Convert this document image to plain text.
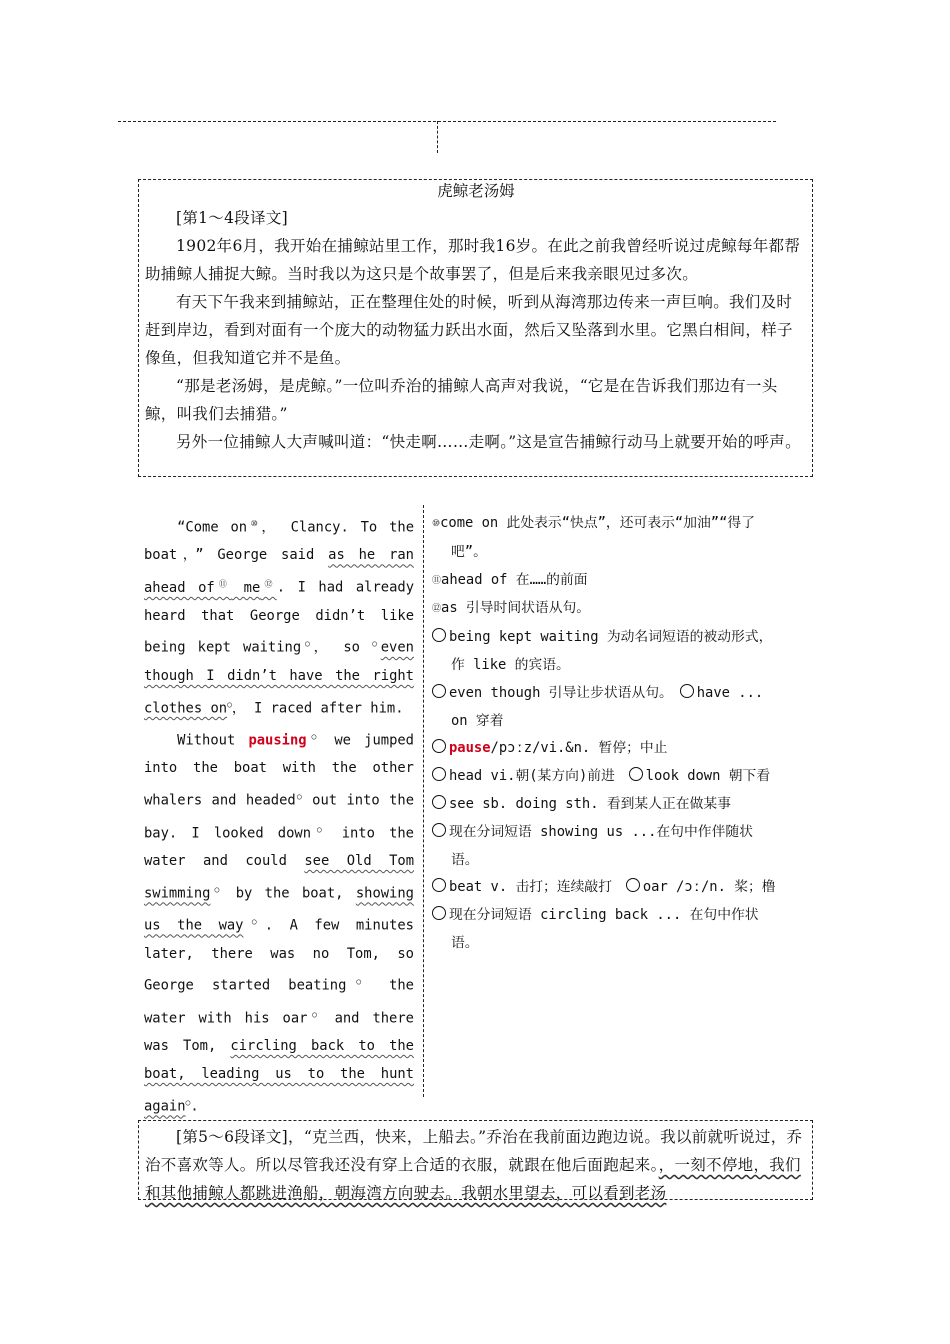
虎鲸老汤姆

[第1～4段译文]

1902年6月，我开始在捕鲸站里工作，那时我16岁。在此之前我曾经听说过虎鲸每年都帮助捕鲸人捕捉大鲸。当时我以为这只是个故事罢了，但是后来我亲眼见过多次。

有天下午我来到捕鲸站，正在整理住处的时候，听到从海湾那边传来一声巨响。我们及时赶到岸边，看到对面有一个庞大的动物猛力跃出水面，然后又坠落到水里。它黑白相间，样子像鱼，但我知道它并不是鱼。

“那是老汤姆，是虎鲸。”一位叫乔治的捕鲸人高声对我说，“它是在告诉我们那边有一头鲸，叫我们去捕猎。”

另外一位捕鲸人大声喊叫道：“快走啊……走啊。”这是宣告捕鲸行动马上就要开始的呼声。

“Come on⑩， Clancy. To the boat，” George said as he ran ahead of⑪ me⑫. I had already heard that George didn’t like being kept waiting○， so ○even though I didn’t have the right clothes on○， I raced after him.

Without pausing○ we jumped into the boat with the other whalers and headed○ out into the bay. I looked down○ into the water and could see Old Tom swimming○ by the boat, showing us the way○. A few minutes later, there was no Tom, so George started beating○ the water with his oar○ and there was Tom, circling back to the boat, leading us to the hunt again○.

⑩come on 此处表示“快点”，还可表示“加油”“得了吧”。
⑪ahead of 在……的前面
⑫as 引导时间状语从句。
being kept waiting 为动名词短语的被动形式，作 like 的宾语。
even though 引导让步状语从句。　have ... on 穿着
pause/pɔːz/vi.&n. 暂停；中止
head vi.朝(某方向)前进　look down 朝下看
see sb. doing sth. 看到某人正在做某事
现在分词短语 showing us ...在句中作伴随状语。
beat v. 击打；连续敲打　oar /ɔː/n. 桨；橹
现在分词短语 circling back ... 在句中作状语。

[第5～6段译文]，“克兰西，快来，上船去。”乔治在我前面边跑边说。我以前就听说过，乔治不喜欢等人。所以尽管我还没有穿上合适的衣服，就跟在他后面跑起来。，一刻不停地，我们和其他捕鲸人都跳进渔船，朝海湾方向驶去。我朝水里望去，可以看到老汤
